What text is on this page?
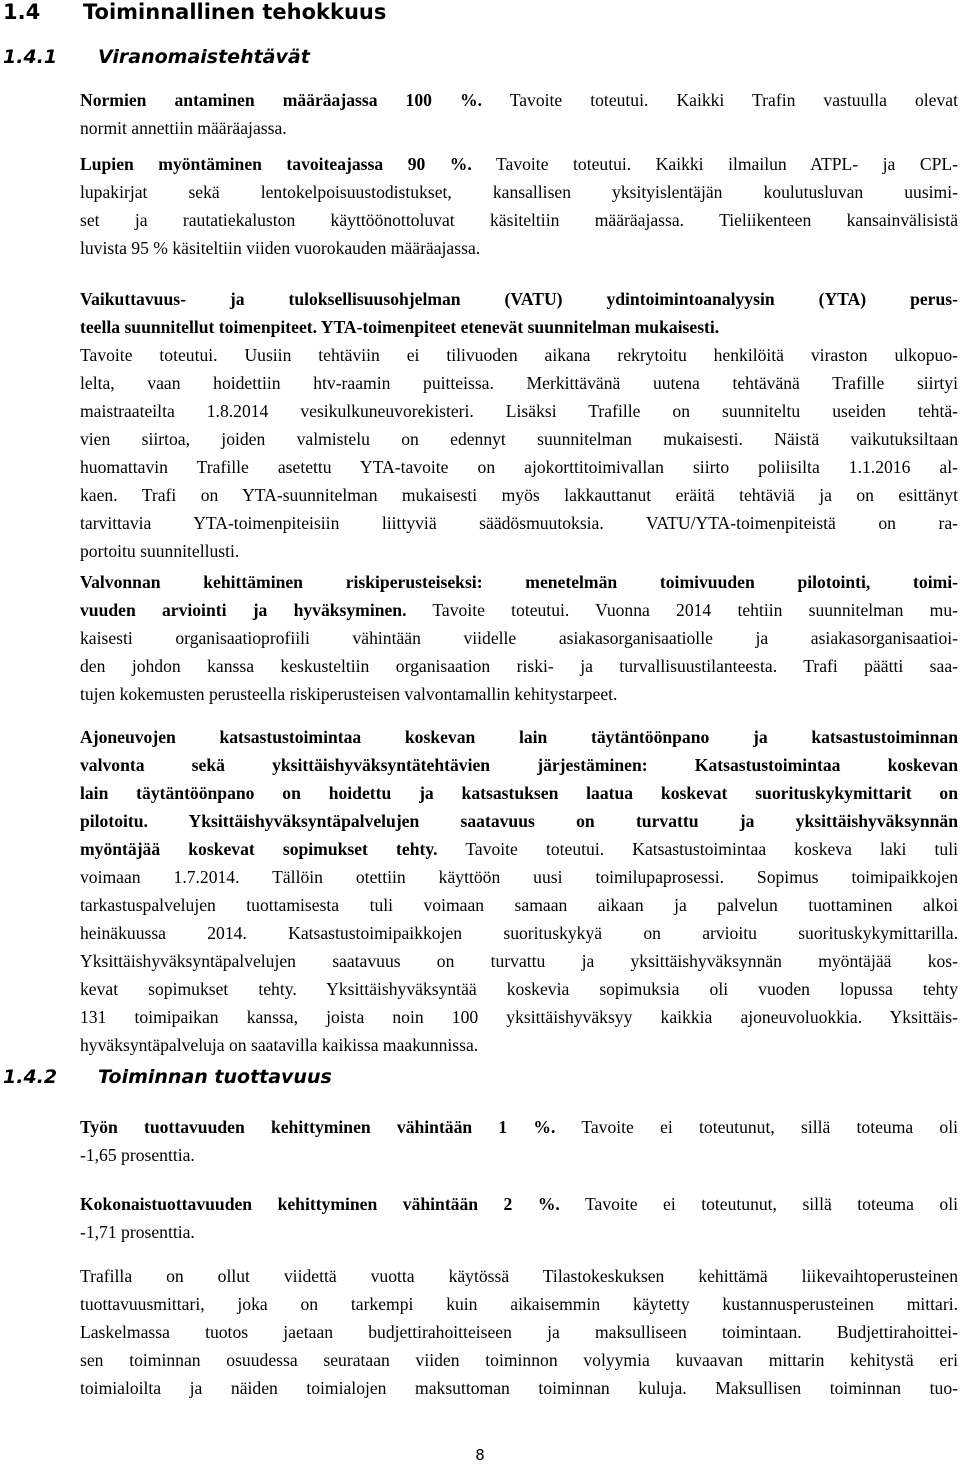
1.4 Toiminnallinen tehokkuus
1.4.1 Viranomaistehtävät
Normien antaminen määräajassa 100 %. Tavoite toteutui. Kaikki Trafin vastuulla olevat
normit annettiin määräajassa.
Lupien myöntäminen tavoiteajassa 90 %. Tavoite toteutui. Kaikki ilmailun ATPL- ja CPL-
lupakirjat sekä lentokelpoisuustodistukset, kansallisen yksityislentäjän koulutusluvan uusimi-
set ja rautatiekaluston käyttöönottoluvat käsiteltiin määräajassa. Tieliikenteen kansainvälisistä
luvista 95 % käsiteltiin viiden vuorokauden määräajassa.
Vaikuttavuus- ja tuloksellisuusohjelman (VATU) ydintoimintoanalyysin (YTA) perus-
teella suunnitellut toimenpiteet. YTA-toimenpiteet etenevät suunnitelman mukaisesti.
Tavoite toteutui. Uusiin tehtäviin ei tilivuoden aikana rekrytoitu henkilöitä viraston ulkopuo-
lelta, vaan hoidettiin htv-raamin puitteissa. Merkittävänä uutena tehtävänä Trafille siirtyi
maistraateilta 1.8.2014 vesikulkuneuvorekisteri. Lisäksi Trafille on suunniteltu useiden tehtä-
vien siirtoa, joiden valmistelu on edennyt suunnitelman mukaisesti. Näistä vaikutuksiltaan
huomattavin Trafille asetettu YTA-tavoite on ajokorttitoimivallan siirto poliisilta 1.1.2016 al-
kaen. Trafi on YTA-suunnitelman mukaisesti myös lakkauttanut eräitä tehtäviä ja on esittänyt
tarvittavia YTA-toimenpiteisiin liittyviä säädösmuutoksia. VATU/YTA-toimenpiteistä on ra-
portoitu suunnitellusti.
Valvonnan kehittäminen riskiperusteiseksi: menetelmän toimivuuden pilotointi, toimi-
vuuden arviointi ja hyväksyminen. Tavoite toteutui. Vuonna 2014 tehtiin suunnitelman mu-
kaisesti organisaatioprofiili vähintään viidelle asiakasorganisaatiolle ja asiakasorganisaatioi-
den johdon kanssa keskusteltiin organisaation riski- ja turvallisuustilanteesta. Trafi päätti saa-
tujen kokemusten perusteella riskiperusteisen valvontamallin kehitystarpeet.
Ajoneuvojen katsastustoimintaa koskevan lain täytäntöönpano ja katsastustoiminnan
valvonta sekä yksittäishyväksyntätehtävien järjestäminen: Katsastustoimintaa koskevan
lain täytäntöönpano on hoidettu ja katsastuksen laatua koskevat suorituskykymittarit on
pilotoitu. Yksittäishyväksyntäpalvelujen saatavuus on turvattu ja yksittäishyväksynnän
myöntäjää koskevat sopimukset tehty. Tavoite toteutui. Katsastustoimintaa koskeva laki tuli
voimaan 1.7.2014. Tällöin otettiin käyttöön uusi toimilupaprosessi. Sopimus toimipaikkojen
tarkastuspalvelujen tuottamisesta tuli voimaan samaan aikaan ja palvelun tuottaminen alkoi
heinäkuussa 2014. Katsastustoimipaikkojen suorituskykyä on arvioitu suorituskykymittarilla.
Yksittäishyväksyntäpalvelujen saatavuus on turvattu ja yksittäishyväksynnän myöntäjää kos-
kevat sopimukset tehty. Yksittäishyväksyntää koskevia sopimuksia oli vuoden lopussa tehty
131 toimipaikan kanssa, joista noin 100 yksittäishyväksyy kaikkia ajoneuvoluokkia. Yksittäis-
hyväksyntäpalveluja on saatavilla kaikissa maakunnissa.
1.4.2 Toiminnan tuottavuus
Työn tuottavuuden kehittyminen vähintään 1 %. Tavoite ei toteutunut, sillä toteuma oli
-1,65 prosenttia.
Kokonaistuottavuuden kehittyminen vähintään 2 %. Tavoite ei toteutunut, sillä toteuma oli
-1,71 prosenttia.
Trafilla on ollut viidettä vuotta käytössä Tilastokeskuksen kehittämä liikevaihtoperusteinen
tuottavuusmittari, joka on tarkempi kuin aikaisemmin käytetty kustannusperusteinen mittari.
Laskelmassa tuotos jaetaan budjettirahoitteiseen ja maksulliseen toimintaan. Budjettirahoittei-
sen toiminnan osuudessa seurataan viiden toiminnon volyymia kuvaavan mittarin kehitystä eri
toimialoilta ja näiden toimialojen maksuttoman toiminnan kuluja. Maksullisen toiminnan tuo-
8
